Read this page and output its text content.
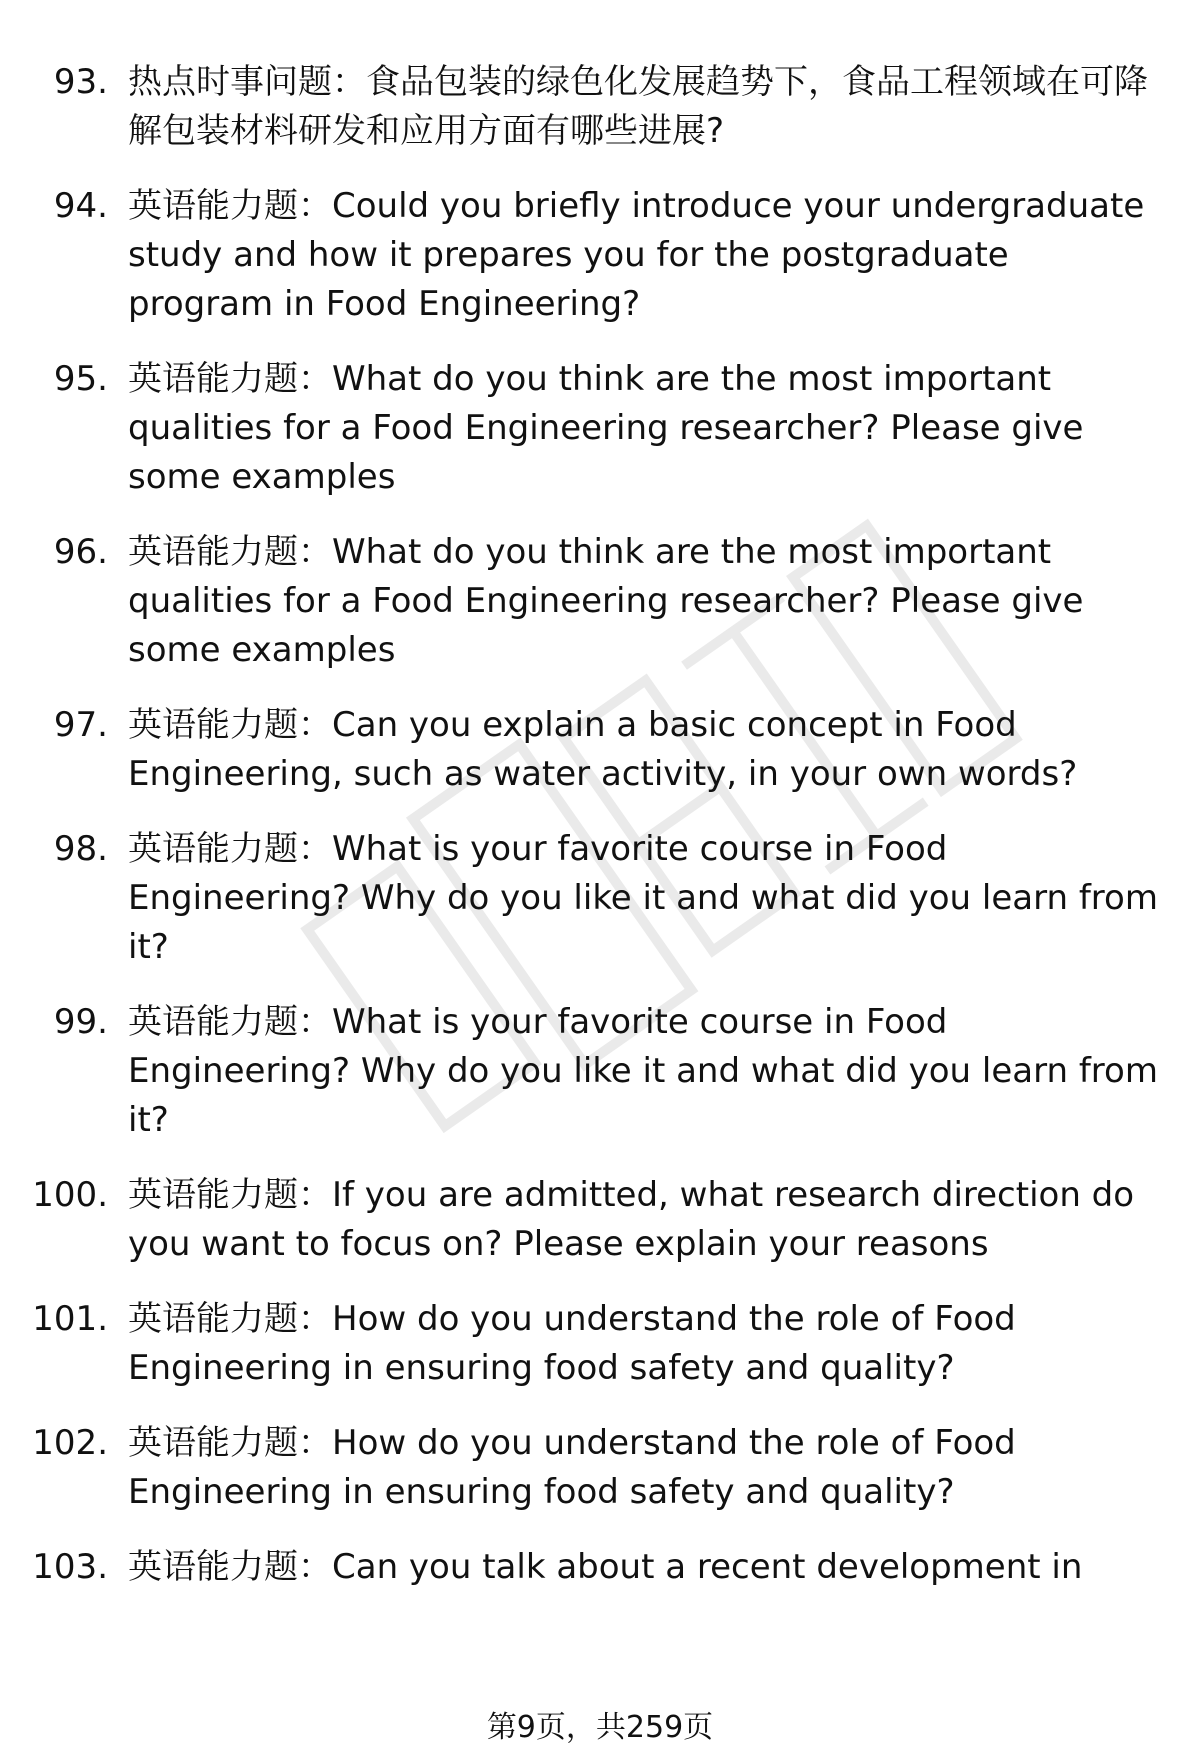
93. 热点时事问题：食品包装的绿色化发展趋势下，食品工程领域在可降解包装材料研发和应用方面有哪些进展?
94. 英语能力题：Could you briefly introduce your undergraduate study and how it prepares you for the postgraduate program in Food Engineering?
95. 英语能力题：What do you think are the most important qualities for a Food Engineering researcher? Please give some examples
96. 英语能力题：What do you think are the most important qualities for a Food Engineering researcher? Please give some examples
97. 英语能力题：Can you explain a basic concept in Food Engineering, such as water activity, in your own words?
98. 英语能力题：What is your favorite course in Food Engineering? Why do you like it and what did you learn from it?
99. 英语能力题：What is your favorite course in Food Engineering? Why do you like it and what did you learn from it?
100. 英语能力题：If you are admitted, what research direction do you want to focus on? Please explain your reasons
101. 英语能力题：How do you understand the role of Food Engineering in ensuring food safety and quality?
102. 英语能力题：How do you understand the role of Food Engineering in ensuring food safety and quality?
103. 英语能力题：Can you talk about a recent development in
第9页，共259页
